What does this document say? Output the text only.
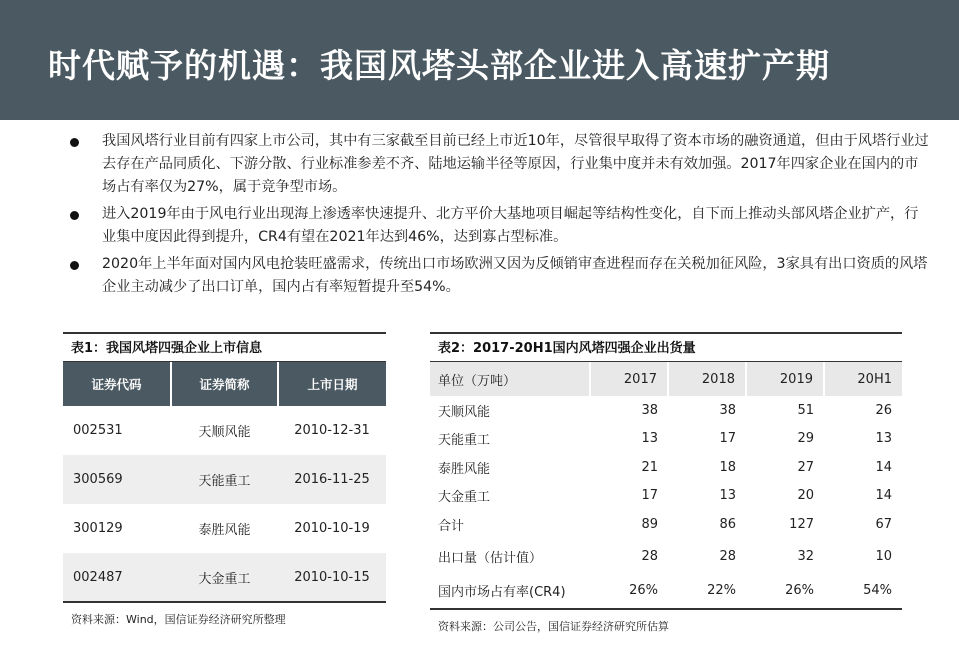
时代赋予的机遇：我国风塔头部企业进入高速扩产期
我国风塔行业目前有四家上市公司，其中有三家截至目前已经上市近10年，尽管很早取得了资本市场的融资通道，但由于风塔行业过去存在产品同质化、下游分散、行业标准参差不齐、陆地运输半径等原因，行业集中度并未有效加强。2017年四家企业在国内的市场占有率仅为27%，属于竞争型市场。
进入2019年由于风电行业出现海上渗透率快速提升、北方平价大基地项目崛起等结构性变化，自下而上推动头部风塔企业扩产，行业集中度因此得到提升，CR4有望在2021年达到46%，达到寡占型标准。
2020年上半年面对国内风电抢装旺盛需求，传统出口市场欧洲又因为反倾销审查进程而存在关税加征风险，3家具有出口资质的风塔企业主动减少了出口订单，国内占有率短暂提升至54%。
表1：我国风塔四强企业上市信息
证券代码	证券简称	上市日期
002531	天顺风能	2010-12-31
300569	天能重工	2016-11-25
300129	泰胜风能	2010-10-19
002487	大金重工	2010-10-15
资料来源：Wind，国信证券经济研究所整理
表2：2017-20H1国内风塔四强企业出货量
单位（万吨）	2017	2018	2019	20H1
天顺风能	38	38	51	26
天能重工	13	17	29	13
泰胜风能	21	18	27	14
大金重工	17	13	20	14
合计	89	86	127	67
出口量（估计值）	28	28	32	10
国内市场占有率(CR4)	26%	22%	26%	54%
资料来源：公司公告，国信证券经济研究所估算
